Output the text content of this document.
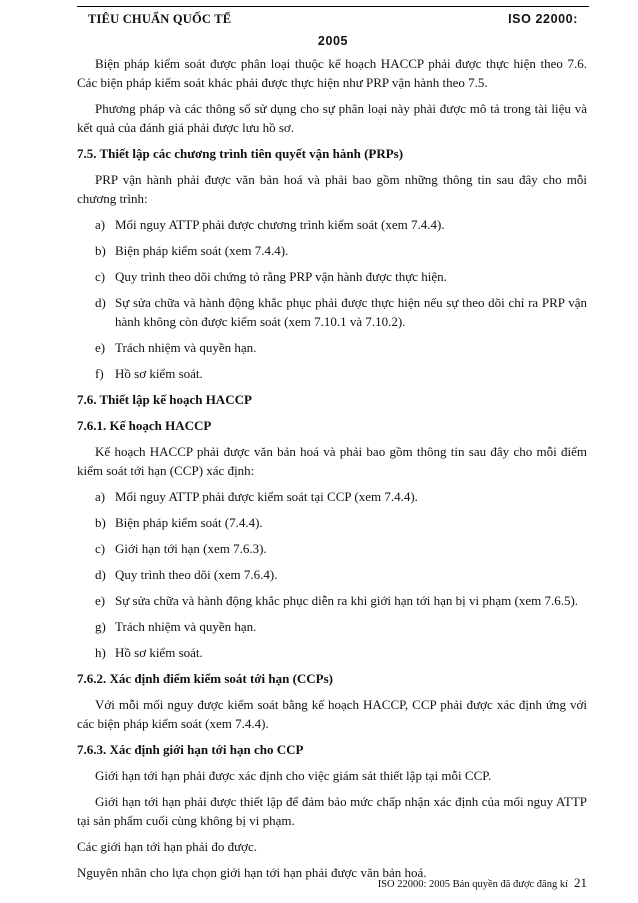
TIÊU CHUẨN QUỐC TẾ	ISO 22000:
2005

Biện pháp kiểm soát được phân loại thuộc kế hoạch HACCP phải được thực hiện theo 7.6. Các biện pháp kiểm soát khác phải được thực hiện như PRP vận hành theo 7.5.

Phương pháp và các thông số sử dụng cho sự phân loại này phải được mô tả trong tài liệu và kết quả của đánh giá phải được lưu hồ sơ.

7.5. Thiết lập các chương trình tiên quyết vận hành (PRPs)

PRP vận hành phải được văn bản hoá và phải bao gồm những thông tin sau đây cho mỗi chương trình:

a) Mối nguy ATTP phải được chương trình kiểm soát (xem 7.4.4).
b) Biện pháp kiểm soát (xem 7.4.4).
c) Quy trình theo dõi chứng tỏ rằng PRP vận hành được thực hiện.
d) Sự sửa chữa và hành động khắc phục phải được thực hiện nếu sự theo dõi chỉ ra PRP vận hành không còn được kiểm soát (xem 7.10.1 và 7.10.2).
e) Trách nhiệm và quyền hạn.
f) Hồ sơ kiểm soát.

7.6. Thiết lập kế hoạch HACCP

7.6.1. Kế hoạch HACCP

Kế hoạch HACCP phải được văn bản hoá và phải bao gồm thông tin sau đây cho mỗi điểm kiểm soát tới hạn (CCP) xác định:

a) Mối nguy ATTP phải được kiểm soát tại CCP (xem 7.4.4).
b) Biện pháp kiểm soát (7.4.4).
c) Giới hạn tới hạn (xem 7.6.3).
d) Quy trình theo dõi (xem 7.6.4).
e) Sự sửa chữa và hành động khắc phục diễn ra khi giới hạn tới hạn bị vi phạm (xem 7.6.5).
g) Trách nhiệm và quyền hạn.
h) Hồ sơ kiểm soát.

7.6.2. Xác định điểm kiểm soát tới hạn (CCPs)

Với mỗi mối nguy được kiểm soát bằng kế hoạch HACCP, CCP phải được xác định ứng với các biện pháp kiểm soát (xem 7.4.4).

7.6.3. Xác định giới hạn tới hạn cho CCP

Giới hạn tới hạn phải được xác định cho việc giám sát thiết lập tại mỗi CCP.

Giới hạn tới hạn phải được thiết lập để đảm bảo mức chấp nhận xác định của mối nguy ATTP tại sản phẩm cuối cùng không bị vi phạm.

Các giới hạn tới hạn phải đo được.

Nguyên nhân cho lựa chọn giới hạn tới hạn phải được văn bản hoá.

ISO 22000: 2005 Bản quyền đã được đăng kí 21
